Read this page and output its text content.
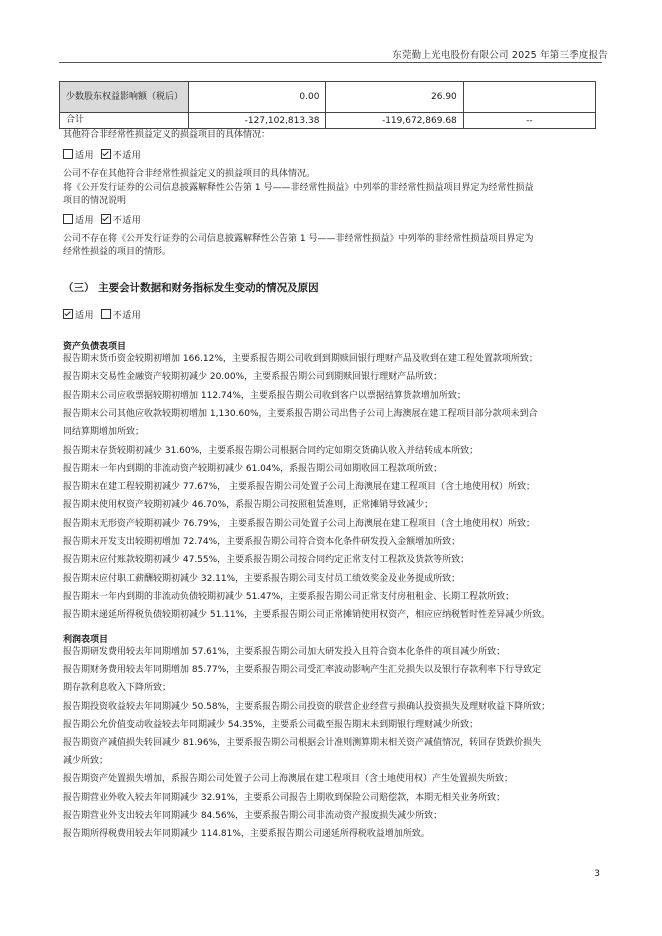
东莞勤上光电股份有限公司 2025 年第三季度报告
少数股东权益影响额（税后）	0.00	26.90	
合计	-127,102,813.38	-119,672,869.68	--
其他符合非经常性损益定义的损益项目的具体情况：
适用 不适用
公司不存在其他符合非经常性损益定义的损益项目的具体情况。
将《公开发行证券的公司信息披露解释性公告第 1 号——非经常性损益》中列举的非经常性损益项目界定为经常性损益
项目的情况说明
适用 不适用
公司不存在将《公开发行证券的公司信息披露解释性公告第 1 号——非经常性损益》中列举的非经常性损益项目界定为
经常性损益的项目的情形。
（三） 主要会计数据和财务指标发生变动的情况及原因
适用 不适用
资产负债表项目
报告期末货币资金较期初增加 166.12%，主要系报告期公司收到到期赎回银行理财产品及收到在建工程处置款项所致；
报告期末交易性金融资产较期初减少 20.00%，主要系报告期公司到期赎回银行理财产品所致；
报告期末公司应收票据较期初增加 112.74%，主要系报告期公司收到客户以票据结算货款增加所致；
报告期末公司其他应收款较期初增加 1,130.60%，主要系报告期公司出售子公司上海澳展在建工程项目部分款项未到合
同结算期增加所致；
报告期末存货较期初减少 31.60%，主要系报告期公司根据合同约定如期交货确认收入并结转成本所致；
报告期末一年内到期的非流动资产较期初减少 61.04%，系报告期公司如期收回工程款项所致；
报告期末在建工程较期初减少 77.67%， 主要系报告期公司处置子公司上海澳展在建工程项目（含土地使用权）所致；
报告期末使用权资产较期初减少 46.70%，系报告期公司按照租赁准则，正常摊销导致减少；
报告期末无形资产较期初减少 76.79%， 主要系报告期公司处置子公司上海澳展在建工程项目（含土地使用权）所致；
报告期末开发支出较期初增加 72.74%，主要系报告期公司符合资本化条件研发投入金额增加所致；
报告期末应付账款较期初减少 47.55%，主要系报告期公司按合同约定正常支付工程款及货款等所致；
报告期末应付职工薪酬较期初减少 32.11%，主要系报告期公司支付员工绩效奖金及业务提成所致；
报告期末一年内到期的非流动负债较期初减少 51.47%，主要系报告期公司正常支付房租租金、长期工程款所致；
报告期末递延所得税负债较期初减少 51.11%，主要系报告期公司正常摊销使用权资产，相应应纳税暂时性差异减少所致。
利润表项目
报告期研发费用较去年同期增加 57.61%，主要系报告期公司加大研发投入且符合资本化条件的项目减少所致；
报告期财务费用较去年同期增加 85.77%，主要系报告期公司受汇率波动影响产生汇兑损失以及银行存款利率下行导致定
期存款利息收入下降所致；
报告期投资收益较去年同期减少 50.58%，主要系报告期公司投资的联营企业经营亏损确认投资损失及理财收益下降所致；
报告期公允价值变动收益较去年同期减少 54.35%，主要系公司截至报告期末未到期银行理财减少所致；
报告期资产减值损失转回减少 81.96%，主要系报告期公司根据会计准则测算期末相关资产减值情况，转回存货跌价损失
减少所致；
报告期资产处置损失增加，系报告期公司处置子公司上海澳展在建工程项目（含土地使用权）产生处置损失所致；
报告期营业外收入较去年同期减少 32.91%，主要系公司报告上期收到保险公司赔偿款，本期无相关业务所致；
报告期营业外支出较去年同期减少 84.56%，主要系报告期公司非流动资产报废损失减少所致；
报告期所得税费用较去年同期减少 114.81%，主要系报告期公司递延所得税收益增加所致。
3
